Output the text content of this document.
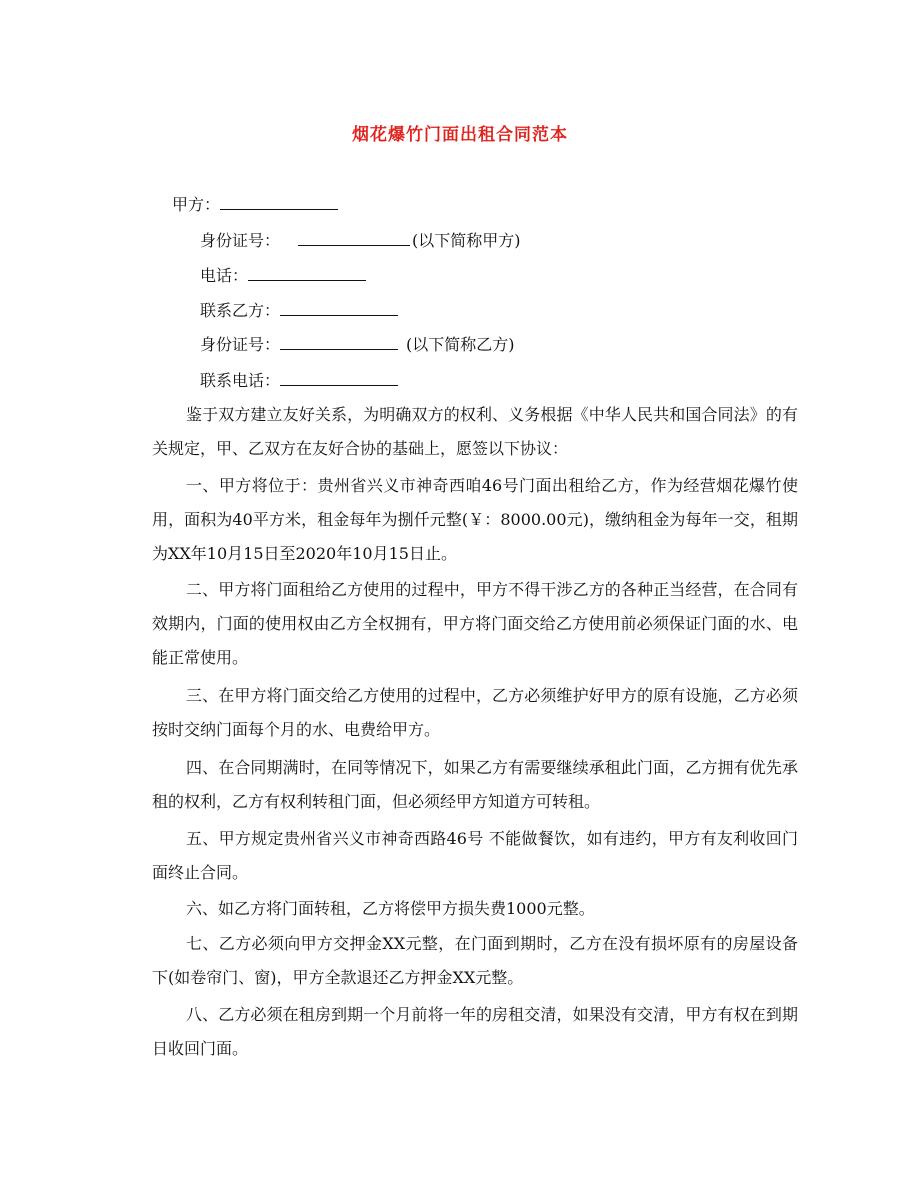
烟花爆竹门面出租合同范本
甲方：
身份证号：	(以下简称甲方)
电话：
联系乙方：
身份证号：	(以下简称乙方)
联系电话：

鉴于双方建立友好关系，为明确双方的权利、义务根据《中华人民共和国合同法》的有关规定，甲、乙双方在友好合协的基础上，愿签以下协议：

一、甲方将位于：贵州省兴义市神奇西咱46号门面出租给乙方，作为经营烟花爆竹使用，面积为40平方米，租金每年为捌仟元整(￥：8000.00元)，缴纳租金为每年一交，租期为XX年10月15日至2020年10月15日止。

二、甲方将门面租给乙方使用的过程中，甲方不得干涉乙方的各种正当经营，在合同有效期内，门面的使用权由乙方全权拥有，甲方将门面交给乙方使用前必须保证门面的水、电能正常使用。

三、在甲方将门面交给乙方使用的过程中，乙方必须维护好甲方的原有设施，乙方必须按时交纳门面每个月的水、电费给甲方。

四、在合同期满时，在同等情况下，如果乙方有需要继续承租此门面，乙方拥有优先承租的权利，乙方有权利转租门面，但必须经甲方知道方可转租。

五、甲方规定贵州省兴义市神奇西路46号 不能做餐饮，如有违约，甲方有友利收回门面终止合同。

六、如乙方将门面转租，乙方将偿甲方损失费1000元整。

七、乙方必须向甲方交押金XX元整，在门面到期时，乙方在没有损坏原有的房屋设备下(如卷帘门、窗)，甲方全款退还乙方押金XX元整。

八、乙方必须在租房到期一个月前将一年的房租交清，如果没有交清，甲方有权在到期日收回门面。
